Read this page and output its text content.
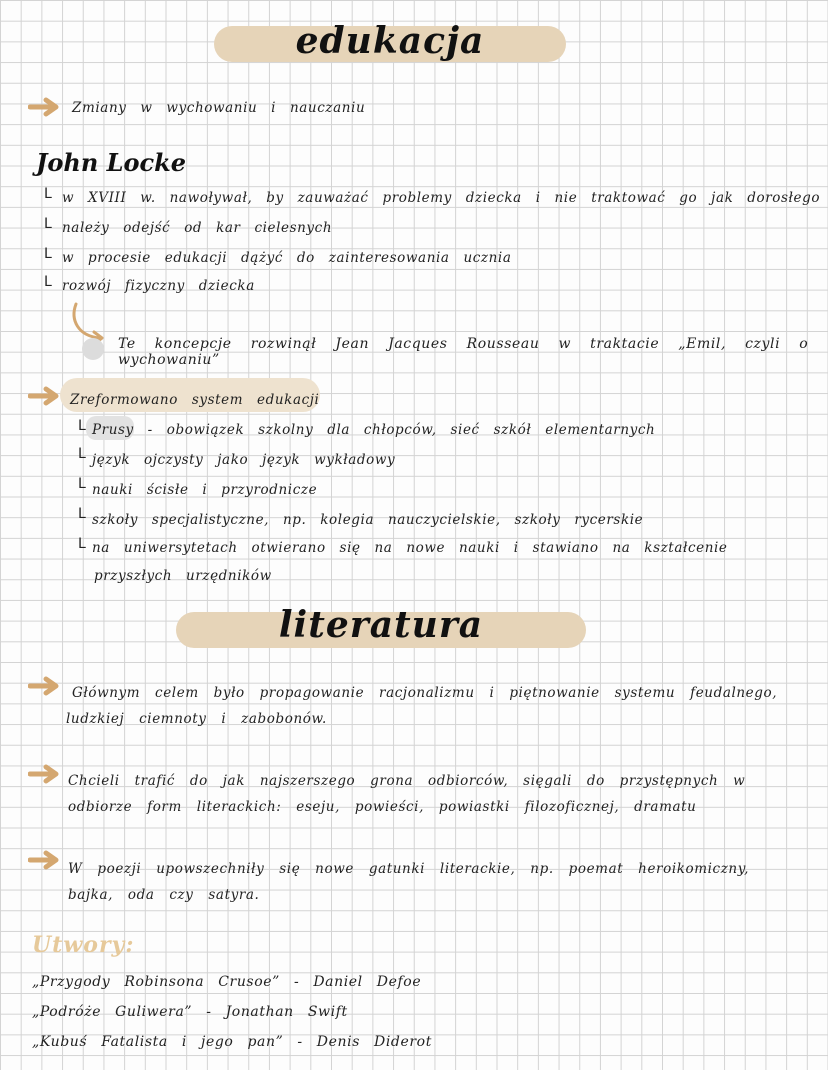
edukacja
Zmiany w wychowaniu i nauczaniu
John Locke
L w XVIII w. nawoływał, by zauważać problemy dziecka i nie traktować go jak dorosłego
L należy odejść od kar cielesnych
L w procesie edukacji dążyć do zainteresowania ucznia
L rozwój fizyczny dziecka
Te koncepcje rozwinął Jean Jacques Rousseau w traktacie „Emil, czyli o wychowaniu”
Zreformowano system edukacji
L Prusy - obowiązek szkolny dla chłopców, sieć szkół elementarnych
L język ojczysty jako język wykładowy
L nauki ścisłe i przyrodnicze
L szkoły specjalistyczne, np. kolegia nauczycielskie, szkoły rycerskie
L na uniwersytetach otwierano się na nowe nauki i stawiano na kształcenie
przyszłych urzędników
literatura
Głównym celem było propagowanie racjonalizmu i piętnowanie systemu feudalnego, ludzkiej ciemnoty i zabobonów.
Chcieli trafić do jak najszerszego grona odbiorców, sięgali do przystępnych w odbiorze form literackich: eseju, powieści, powiastki filozoficznej, dramatu
W poezji upowszechniły się nowe gatunki literackie, np. poemat heroikomiczny, bajka, oda czy satyra.
Utwory:
„Przygody Robinsona Crusoe” - Daniel Defoe
„Podróże Guliwera” - Jonathan Swift
„Kubuś Fatalista i jego pan” - Denis Diderot
